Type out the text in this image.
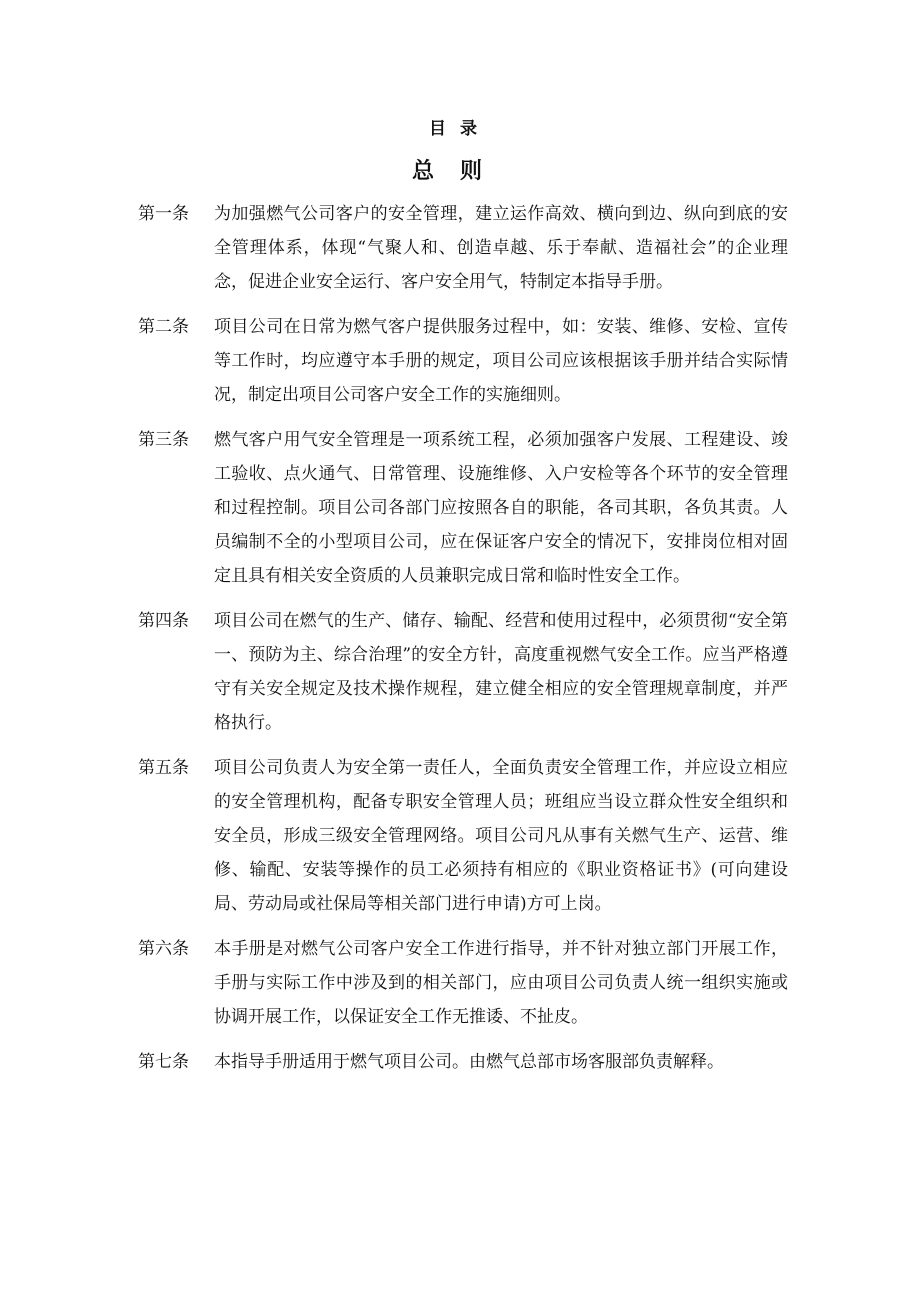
目录
总则
第一条	为加强燃气公司客户的安全管理，建立运作高效、横向到边、纵向到底的安全管理体系，体现“气聚人和、创造卓越、乐于奉献、造福社会”的企业理念，促进企业安全运行、客户安全用气，特制定本指导手册。
第二条	项目公司在日常为燃气客户提供服务过程中，如：安装、维修、安检、宣传等工作时，均应遵守本手册的规定，项目公司应该根据该手册并结合实际情况，制定出项目公司客户安全工作的实施细则。
第三条	燃气客户用气安全管理是一项系统工程，必须加强客户发展、工程建设、竣工验收、点火通气、日常管理、设施维修、入户安检等各个环节的安全管理和过程控制。项目公司各部门应按照各自的职能，各司其职，各负其责。人员编制不全的小型项目公司，应在保证客户安全的情况下，安排岗位相对固定且具有相关安全资质的人员兼职完成日常和临时性安全工作。
第四条	项目公司在燃气的生产、储存、输配、经营和使用过程中，必须贯彻“安全第一、预防为主、综合治理”的安全方针，高度重视燃气安全工作。应当严格遵守有关安全规定及技术操作规程，建立健全相应的安全管理规章制度，并严格执行。
第五条	项目公司负责人为安全第一责任人，全面负责安全管理工作，并应设立相应的安全管理机构，配备专职安全管理人员；班组应当设立群众性安全组织和安全员，形成三级安全管理网络。项目公司凡从事有关燃气生产、运营、维修、输配、安装等操作的员工必须持有相应的《职业资格证书》(可向建设局、劳动局或社保局等相关部门进行申请)方可上岗。
第六条	本手册是对燃气公司客户安全工作进行指导，并不针对独立部门开展工作，手册与实际工作中涉及到的相关部门，应由项目公司负责人统一组织实施或协调开展工作，以保证安全工作无推诿、不扯皮。
第七条	本指导手册适用于燃气项目公司。由燃气总部市场客服部负责解释。
